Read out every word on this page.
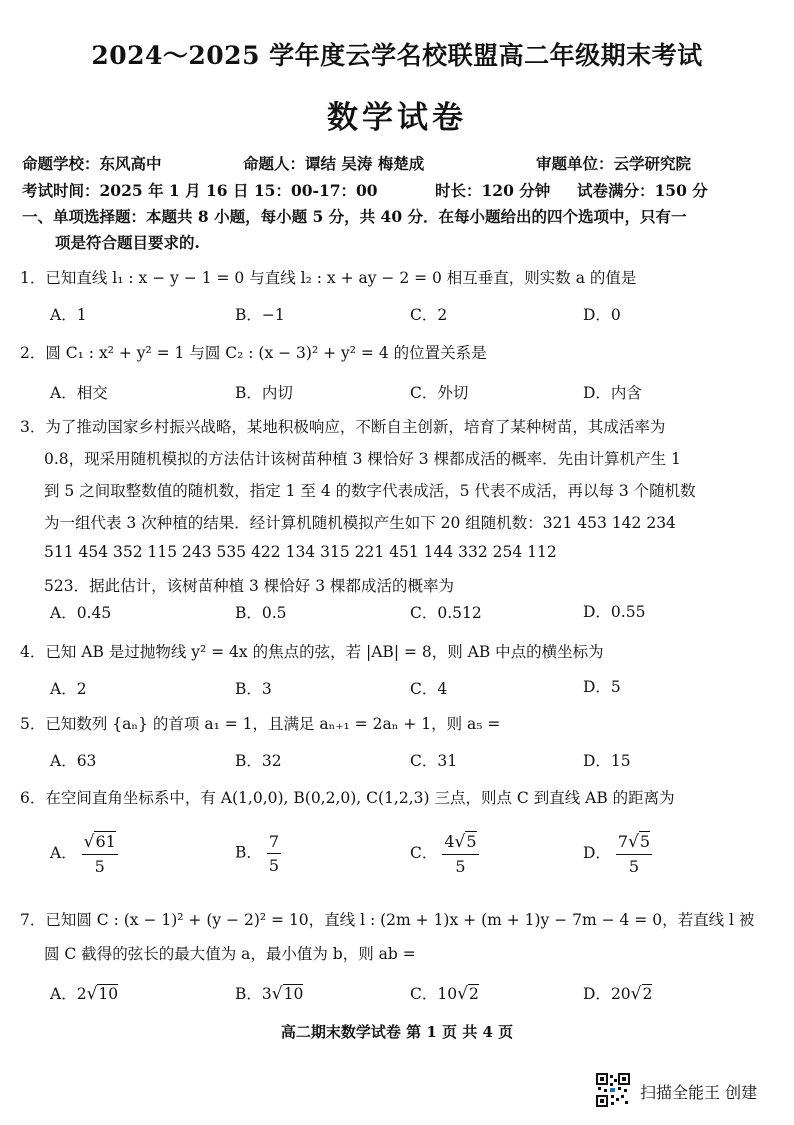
2024～2025 学年度云学名校联盟高二年级期末考试
数学试卷
命题学校：东风高中	命题人：谭结 吴涛 梅楚成	审题单位：云学研究院
考试时间：2025 年 1 月 16 日 15：00-17：00	时长：120 分钟 试卷满分：150 分
一、单项选择题：本题共 8 小题，每小题 5 分，共 40 分．在每小题给出的四个选项中，只有一
项是符合题目要求的.
1．已知直线 l₁ : x − y − 1 = 0 与直线 l₂ : x + ay − 2 = 0 相互垂直，则实数 a 的值是
A．1	B．−1	C．2	D．0
2．圆 C₁ : x² + y² = 1 与圆 C₂ : (x − 3)² + y² = 4 的位置关系是
A．相交	B．内切	C．外切	D．内含
3．为了推动国家乡村振兴战略，某地积极响应，不断自主创新，培育了某种树苗，其成活率为
0.8，现采用随机模拟的方法估计该树苗种植 3 棵恰好 3 棵都成活的概率．先由计算机产生 1
到 5 之间取整数值的随机数，指定 1 至 4 的数字代表成活，5 代表不成活，再以每 3 个随机数
为一组代表 3 次种植的结果．经计算机随机模拟产生如下 20 组随机数：321 453 142 234
511 454 352 115 243 535 422 134 315 221 451 144 332 254 112
523．据此估计，该树苗种植 3 棵恰好 3 棵都成活的概率为
A．0.45	B．0.5	C．0.512	D．0.55
4．已知 AB 是过抛物线 y² = 4x 的焦点的弦，若 |AB| = 8，则 AB 中点的横坐标为
A．2	B．3	C．4	D．5
5．已知数列 {aₙ} 的首项 a₁ = 1，且满足 aₙ₊₁ = 2aₙ + 1，则 a₅ =
A．63	B．32	C．31	D．15
6．在空间直角坐标系中，有 A(1,0,0), B(0,2,0), C(1,2,3) 三点，则点 C 到直线 AB 的距离为
A． $\frac{√61}{5}$	B． $\frac{7}{5}$	C． $\frac{4√5}{5}$	D． $\frac{7√5}{5}$
7．已知圆 C : (x − 1)² + (y − 2)² = 10，直线 l : (2m + 1)x + (m + 1)y − 7m − 4 = 0，若直线 l 被
圆 C 截得的弦长的最大值为 a，最小值为 b，则 ab =
A．2√10	B．3√10	C．10√2	D．20√2
高二期末数学试卷 第 1 页 共 4 页
扫描全能王 创建
